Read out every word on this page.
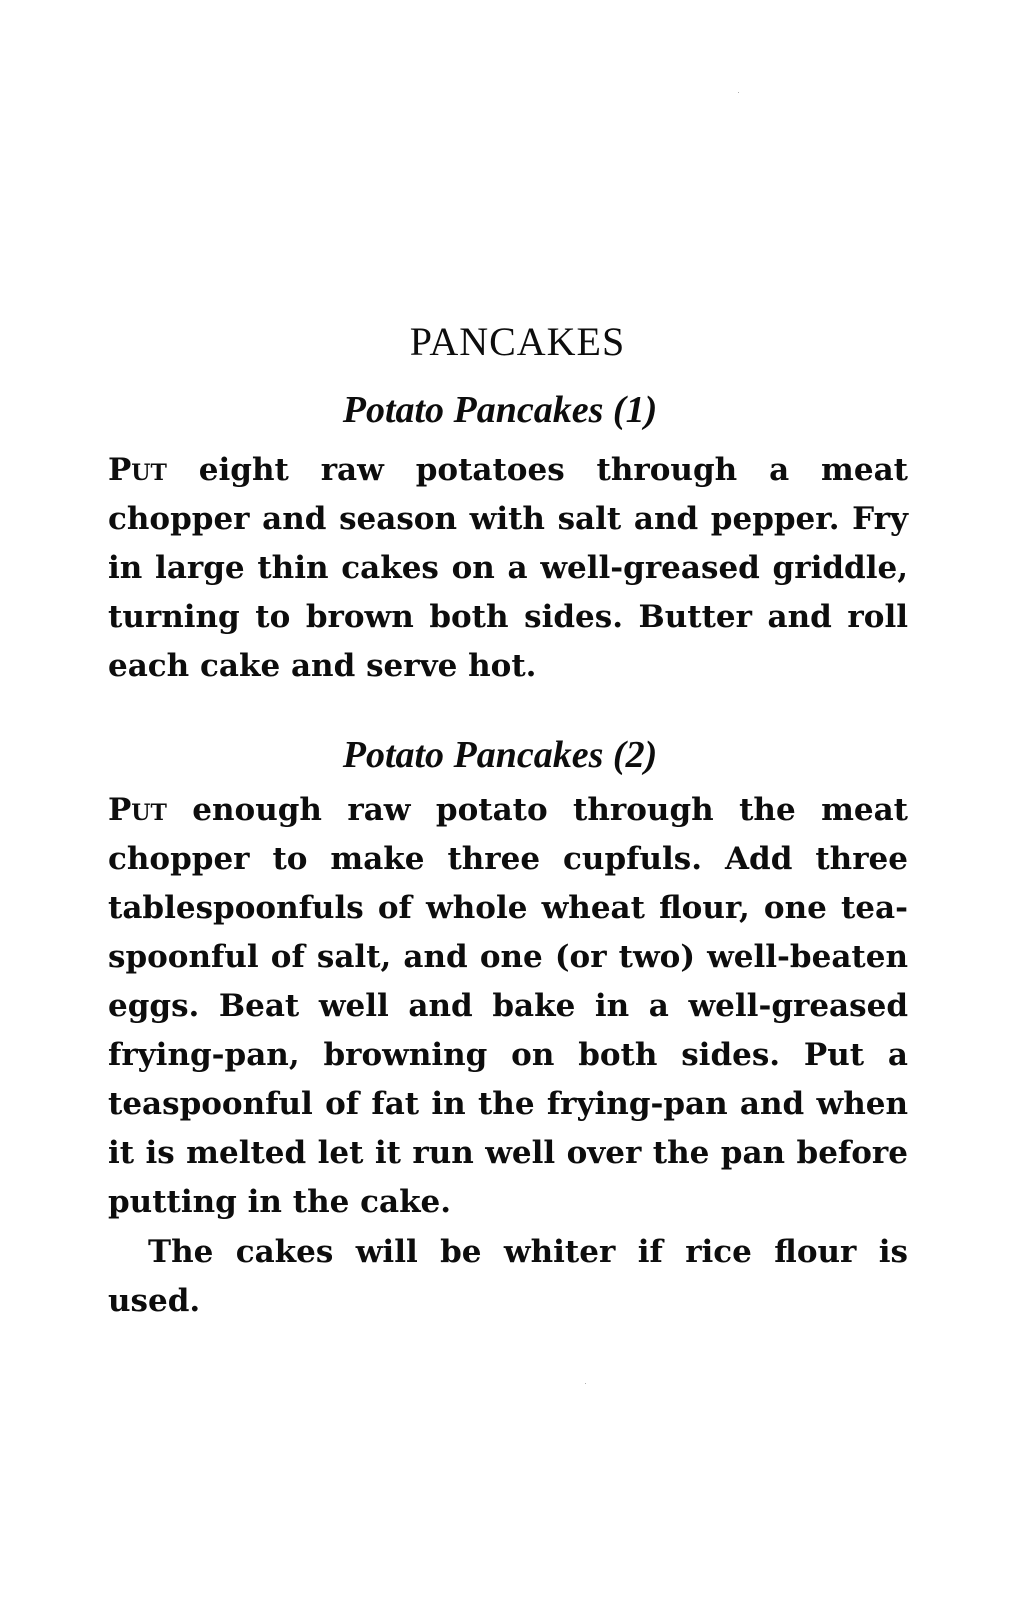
PANCAKES
Potato Pancakes (1)

Put eight raw potatoes through a meat chopper and season with salt and pepper. Fry in large thin cakes on a well-greased griddle, turning to brown both sides. Butter and roll each cake and serve hot.

Potato Pancakes (2)

Put enough raw potato through the meat chopper to make three cupfuls. Add three tablespoonfuls of whole wheat flour, one tea-spoonful of salt, and one (or two) well-beaten eggs. Beat well and bake in a well-greased frying-pan, browning on both sides. Put a teaspoonful of fat in the frying-pan and when it is melted let it run well over the pan before putting in the cake.

The cakes will be whiter if rice flour is used.
